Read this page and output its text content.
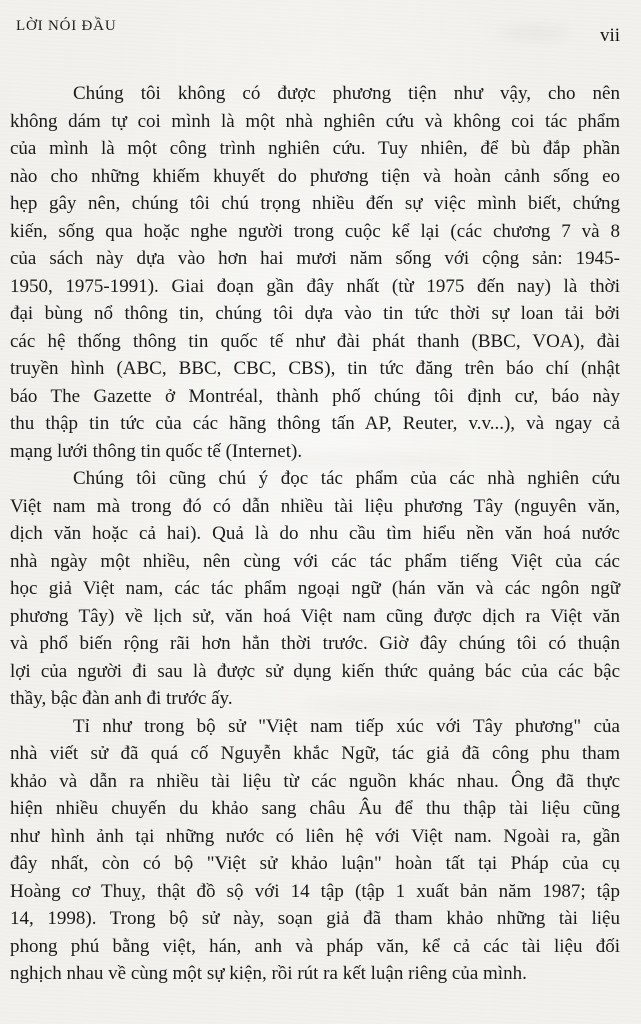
LỜI NÓI ĐẦU	vii
Chúng tôi không có được phương tiện như vậy, cho nên
không dám tự coi mình là một nhà nghiên cứu và không coi tác phẩm
của mình là một công trình nghiên cứu. Tuy nhiên, để bù đắp phần
nào cho những khiếm khuyết do phương tiện và hoàn cảnh sống eo
hẹp gây nên, chúng tôi chú trọng nhiều đến sự việc mình biết, chứng
kiến, sống qua hoặc nghe người trong cuộc kể lại (các chương 7 và 8
của sách này dựa vào hơn hai mươi năm sống với cộng sản: 1945-
1950, 1975-1991). Giai đoạn gần đây nhất (từ 1975 đến nay) là thời
đại bùng nổ thông tin, chúng tôi dựa vào tin tức thời sự loan tải bởi
các hệ thống thông tin quốc tế như đài phát thanh (BBC, VOA), đài
truyền hình (ABC, BBC, CBC, CBS), tin tức đăng trên báo chí (nhật
báo The Gazette ở Montréal, thành phố chúng tôi định cư, báo này
thu thập tin tức của các hãng thông tấn AP, Reuter, v.v...), và ngay cả
mạng lưới thông tin quốc tế (Internet).
Chúng tôi cũng chú ý đọc tác phẩm của các nhà nghiên cứu
Việt nam mà trong đó có dẫn nhiều tài liệu phương Tây (nguyên văn,
dịch văn hoặc cả hai). Quả là do nhu cầu tìm hiểu nền văn hoá nước
nhà ngày một nhiều, nên cùng với các tác phẩm tiếng Việt của các
học giả Việt nam, các tác phẩm ngoại ngữ (hán văn và các ngôn ngữ
phương Tây) về lịch sử, văn hoá Việt nam cũng được dịch ra Việt văn
và phổ biến rộng rãi hơn hẳn thời trước. Giờ đây chúng tôi có thuận
lợi của người đi sau là được sử dụng kiến thức quảng bác của các bậc
thầy, bậc đàn anh đi trước ấy.
Tỉ như trong bộ sử "Việt nam tiếp xúc với Tây phương" của
nhà viết sử đã quá cố Nguyễn khắc Ngữ, tác giả đã công phu tham
khảo và dẫn ra nhiều tài liệu từ các nguồn khác nhau. Ông đã thực
hiện nhiều chuyến du khảo sang châu Âu để thu thập tài liệu cũng
như hình ảnh tại những nước có liên hệ với Việt nam. Ngoài ra, gần
đây nhất, còn có bộ "Việt sử khảo luận" hoàn tất tại Pháp của cụ
Hoàng cơ Thuỵ, thật đồ sộ với 14 tập (tập 1 xuất bản năm 1987; tập
14, 1998). Trong bộ sử này, soạn giả đã tham khảo những tài liệu
phong phú bằng việt, hán, anh và pháp văn, kể cả các tài liệu đối
nghịch nhau về cùng một sự kiện, rồi rút ra kết luận riêng của mình.
